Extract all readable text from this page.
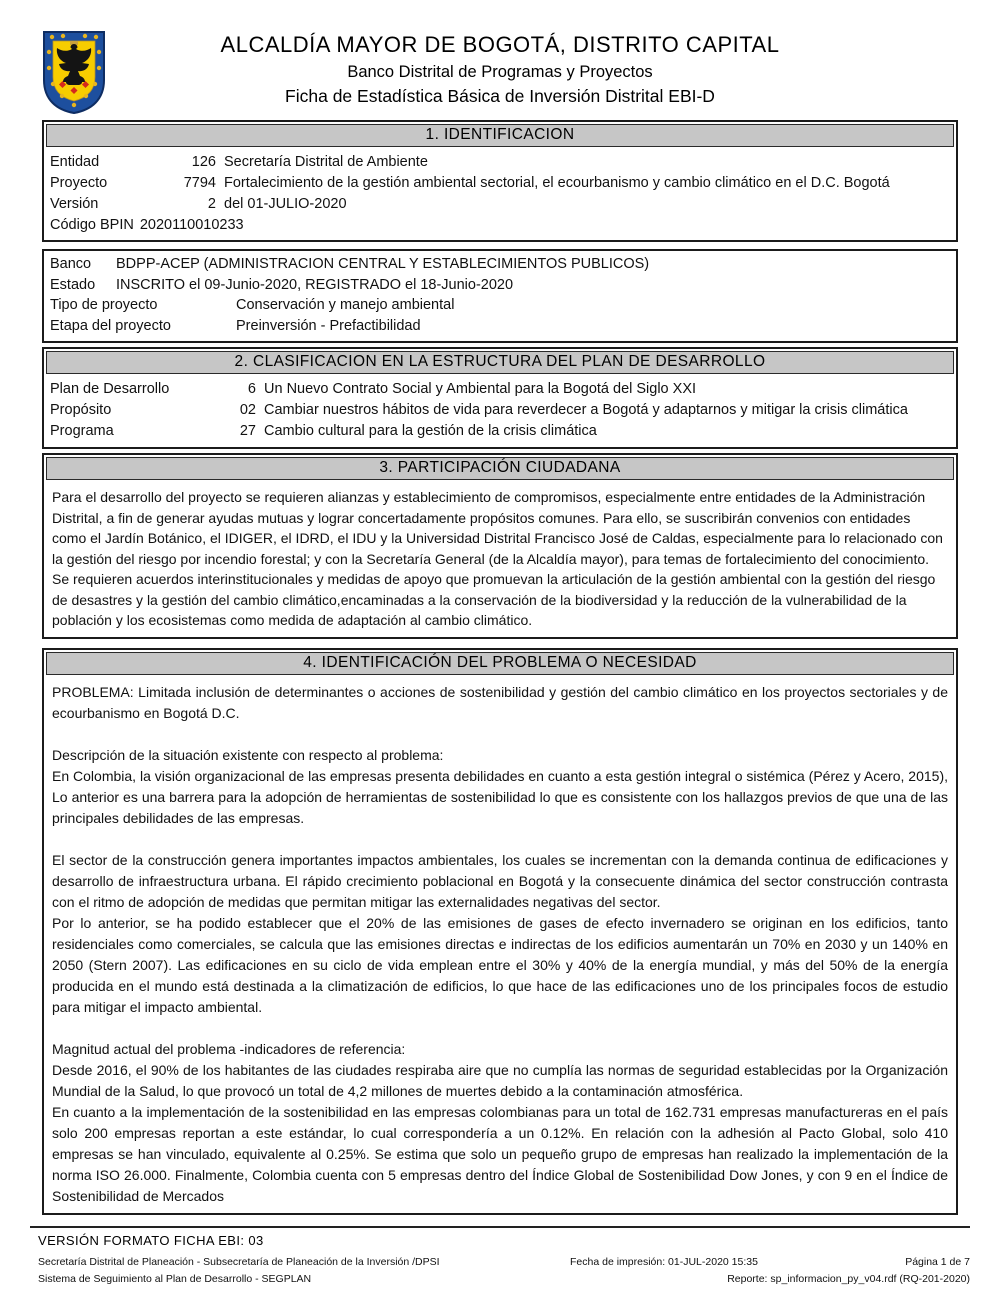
ALCALDÍA MAYOR DE BOGOTÁ, DISTRITO CAPITAL
Banco Distrital de Programas y Proyectos
Ficha de Estadística Básica de Inversión Distrital EBI-D
1. IDENTIFICACION
Entidad	126 Secretaría Distrital de Ambiente
Proyecto	7794 Fortalecimiento de la gestión ambiental sectorial, el ecourbanismo y cambio climático en el D.C. Bogotá
Versión	2 del 01-JULIO-2020
Código BPIN 2020110010233
Banco	BDPP-ACEP (ADMINISTRACION CENTRAL Y ESTABLECIMIENTOS PUBLICOS)
Estado	INSCRITO el 09-Junio-2020, REGISTRADO el 18-Junio-2020
Tipo de proyecto	Conservación y manejo ambiental
Etapa del proyecto	Preinversión - Prefactibilidad
2. CLASIFICACION EN LA ESTRUCTURA DEL PLAN DE DESARROLLO
Plan de Desarrollo	6 Un Nuevo Contrato Social y Ambiental para la Bogotá del Siglo XXI
Propósito	02 Cambiar nuestros hábitos de vida para reverdecer a Bogotá y adaptarnos y mitigar la crisis climática
Programa	27 Cambio cultural para la gestión de la crisis climática
3. PARTICIPACIÓN CIUDADANA

Para el desarrollo del proyecto se requieren alianzas y establecimiento de compromisos, especialmente entre entidades de la Administración Distrital, a fin de generar ayudas mutuas y lograr concertadamente propósitos comunes. Para ello, se suscribirán convenios con entidades como el Jardín Botánico, el IDIGER, el IDRD, el IDU y la Universidad Distrital Francisco José de Caldas, especialmente para lo relacionado con la gestión del riesgo por incendio forestal; y con la Secretaría General (de la Alcaldía mayor), para temas de fortalecimiento del conocimiento.

Se requieren acuerdos interinstitucionales y medidas de apoyo que promuevan la articulación de la gestión ambiental con la gestión del riesgo de desastres y la gestión del cambio climático,encaminadas a la conservación de la biodiversidad y la reducción de la vulnerabilidad de la población y los ecosistemas como medida de adaptación al cambio climático.

4. IDENTIFICACIÓN DEL PROBLEMA O NECESIDAD

PROBLEMA: Limitada inclusión de determinantes o acciones de sostenibilidad y gestión del cambio climático en los proyectos sectoriales y de ecourbanismo en Bogotá D.C.

Descripción de la situación existente con respecto al problema:

En Colombia, la visión organizacional de las empresas presenta debilidades en cuanto a esta gestión integral o sistémica (Pérez y Acero, 2015), Lo anterior es una barrera para la adopción de herramientas de sostenibilidad lo que es consistente con los hallazgos previos de que una de las principales debilidades de las empresas.

El sector de la construcción genera importantes impactos ambientales, los cuales se incrementan con la demanda continua de edificaciones y desarrollo de infraestructura urbana. El rápido crecimiento poblacional en Bogotá y la consecuente dinámica del sector construcción contrasta con el ritmo de adopción de medidas que permitan mitigar las externalidades negativas del sector.

Por lo anterior, se ha podido establecer que el 20% de las emisiones de gases de efecto invernadero se originan en los edificios, tanto residenciales como comerciales, se calcula que las emisiones directas e indirectas de los edificios aumentarán un 70% en 2030 y un 140% en 2050 (Stern 2007). Las edificaciones en su ciclo de vida emplean entre el 30% y 40% de la energía mundial, y más del 50% de la energía producida en el mundo está destinada a la climatización de edificios, lo que hace de las edificaciones uno de los principales focos de estudio para mitigar el impacto ambiental.

Magnitud actual del problema -indicadores de referencia:

Desde 2016, el 90% de los habitantes de las ciudades respiraba aire que no cumplía las normas de seguridad establecidas por la Organización Mundial de la Salud, lo que provocó un total de 4,2 millones de muertes debido a la contaminación atmosférica.

En cuanto a la implementación de la sostenibilidad en las empresas colombianas para un total de 162.731 empresas manufactureras en el país solo 200 empresas reportan a este estándar, lo cual correspondería a un 0.12%. En relación con la adhesión al Pacto Global, solo 410 empresas se han vinculado, equivalente al 0.25%. Se estima que solo un pequeño grupo de empresas han realizado la implementación de la norma ISO 26.000. Finalmente, Colombia cuenta con 5 empresas dentro del Índice Global de Sostenibilidad Dow Jones, y con 9 en el Índice de Sostenibilidad de Mercados

VERSIÓN FORMATO FICHA EBI: 03
Secretaría Distrital de Planeación - Subsecretaría de Planeación de la Inversión /DPSI
Sistema de Seguimiento al Plan de Desarrollo - SEGPLAN
Fecha de impresión: 01-JUL-2020 15:35	Página 1 de 7
Reporte: sp_informacion_py_v04.rdf (RQ-201-2020)
